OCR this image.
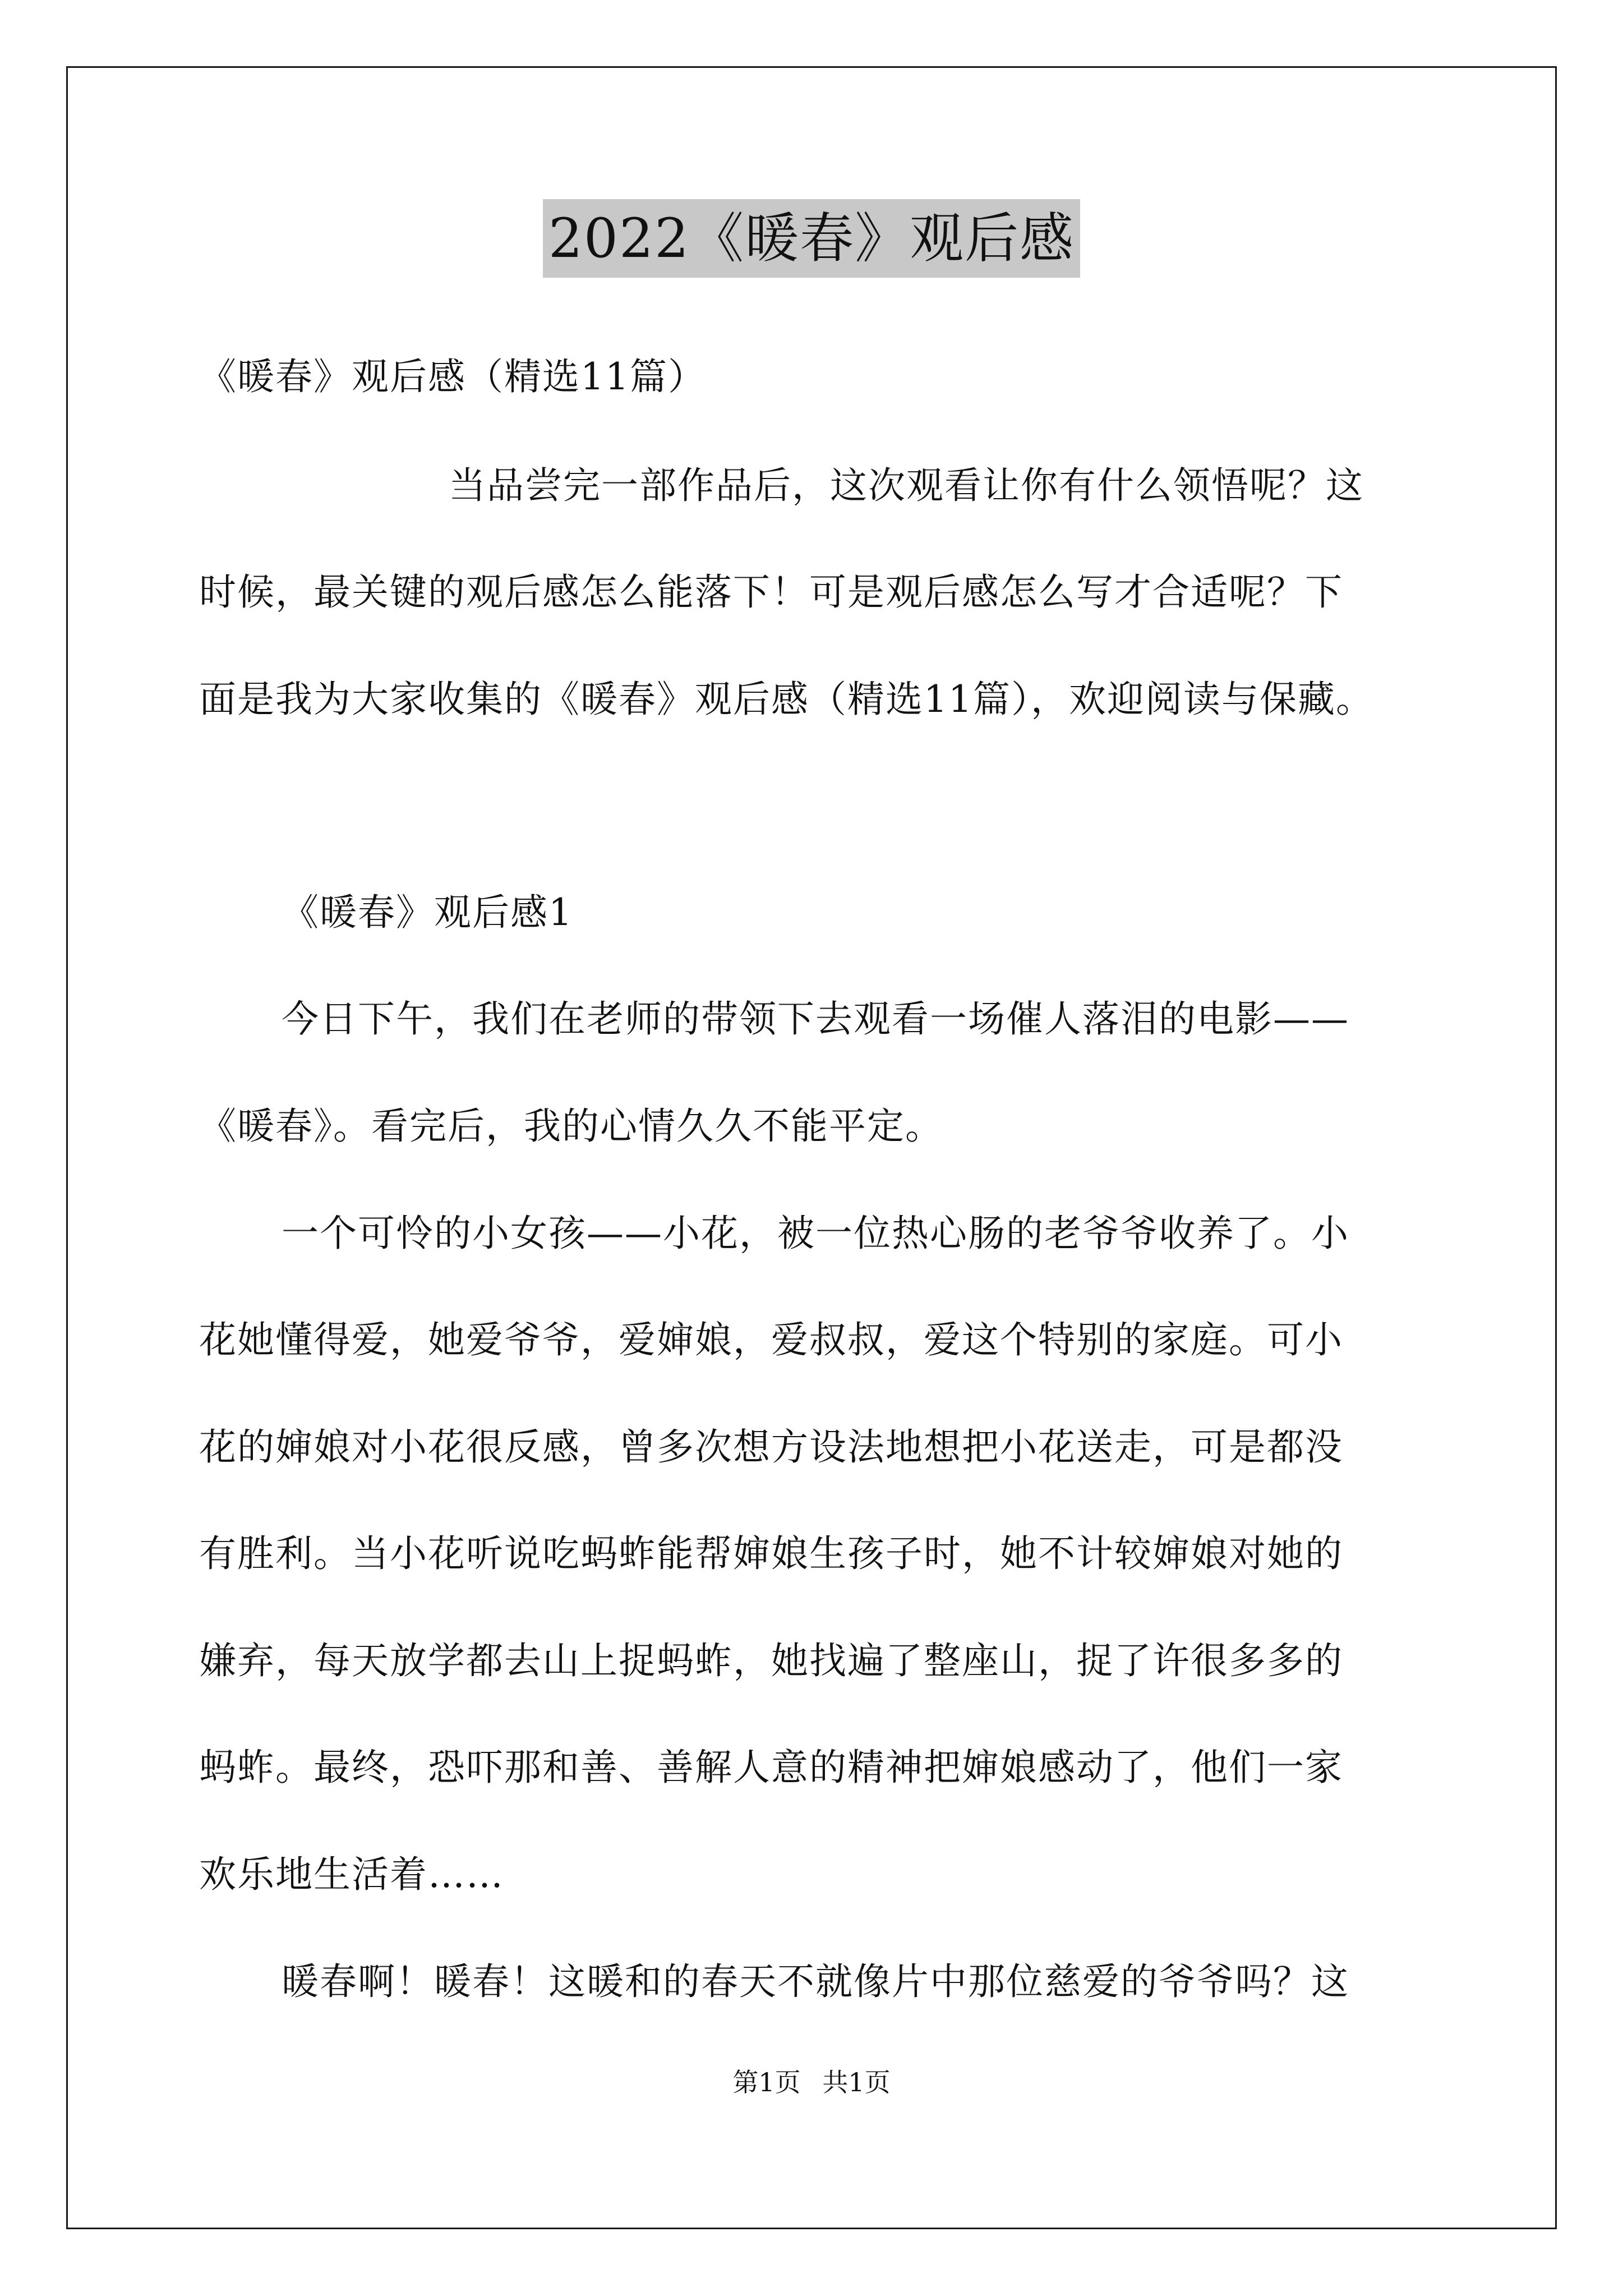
2022《暖春》观后感
《暖春》观后感（精选11篇）
当品尝完一部作品后，这次观看让你有什么领悟呢？这
时候，最关键的观后感怎么能落下！可是观后感怎么写才合适呢？下
面是我为大家收集的《暖春》观后感（精选11篇），欢迎阅读与保藏。
《暖春》观后感1
今日下午，我们在老师的带领下去观看一场催人落泪的电影——
《暖春》。看完后，我的心情久久不能平定。
一个可怜的小女孩——小花，被一位热心肠的老爷爷收养了。小
花她懂得爱，她爱爷爷，爱婶娘，爱叔叔，爱这个特别的家庭。可小
花的婶娘对小花很反感，曾多次想方设法地想把小花送走，可是都没
有胜利。当小花听说吃蚂蚱能帮婶娘生孩子时，她不计较婶娘对她的
嫌弃，每天放学都去山上捉蚂蚱，她找遍了整座山，捉了许很多多的
蚂蚱。最终，恐吓那和善、善解人意的精神把婶娘感动了，他们一家
欢乐地生活着……
暖春啊！暖春！这暖和的春天不就像片中那位慈爱的爷爷吗？这
第1页 共1页
